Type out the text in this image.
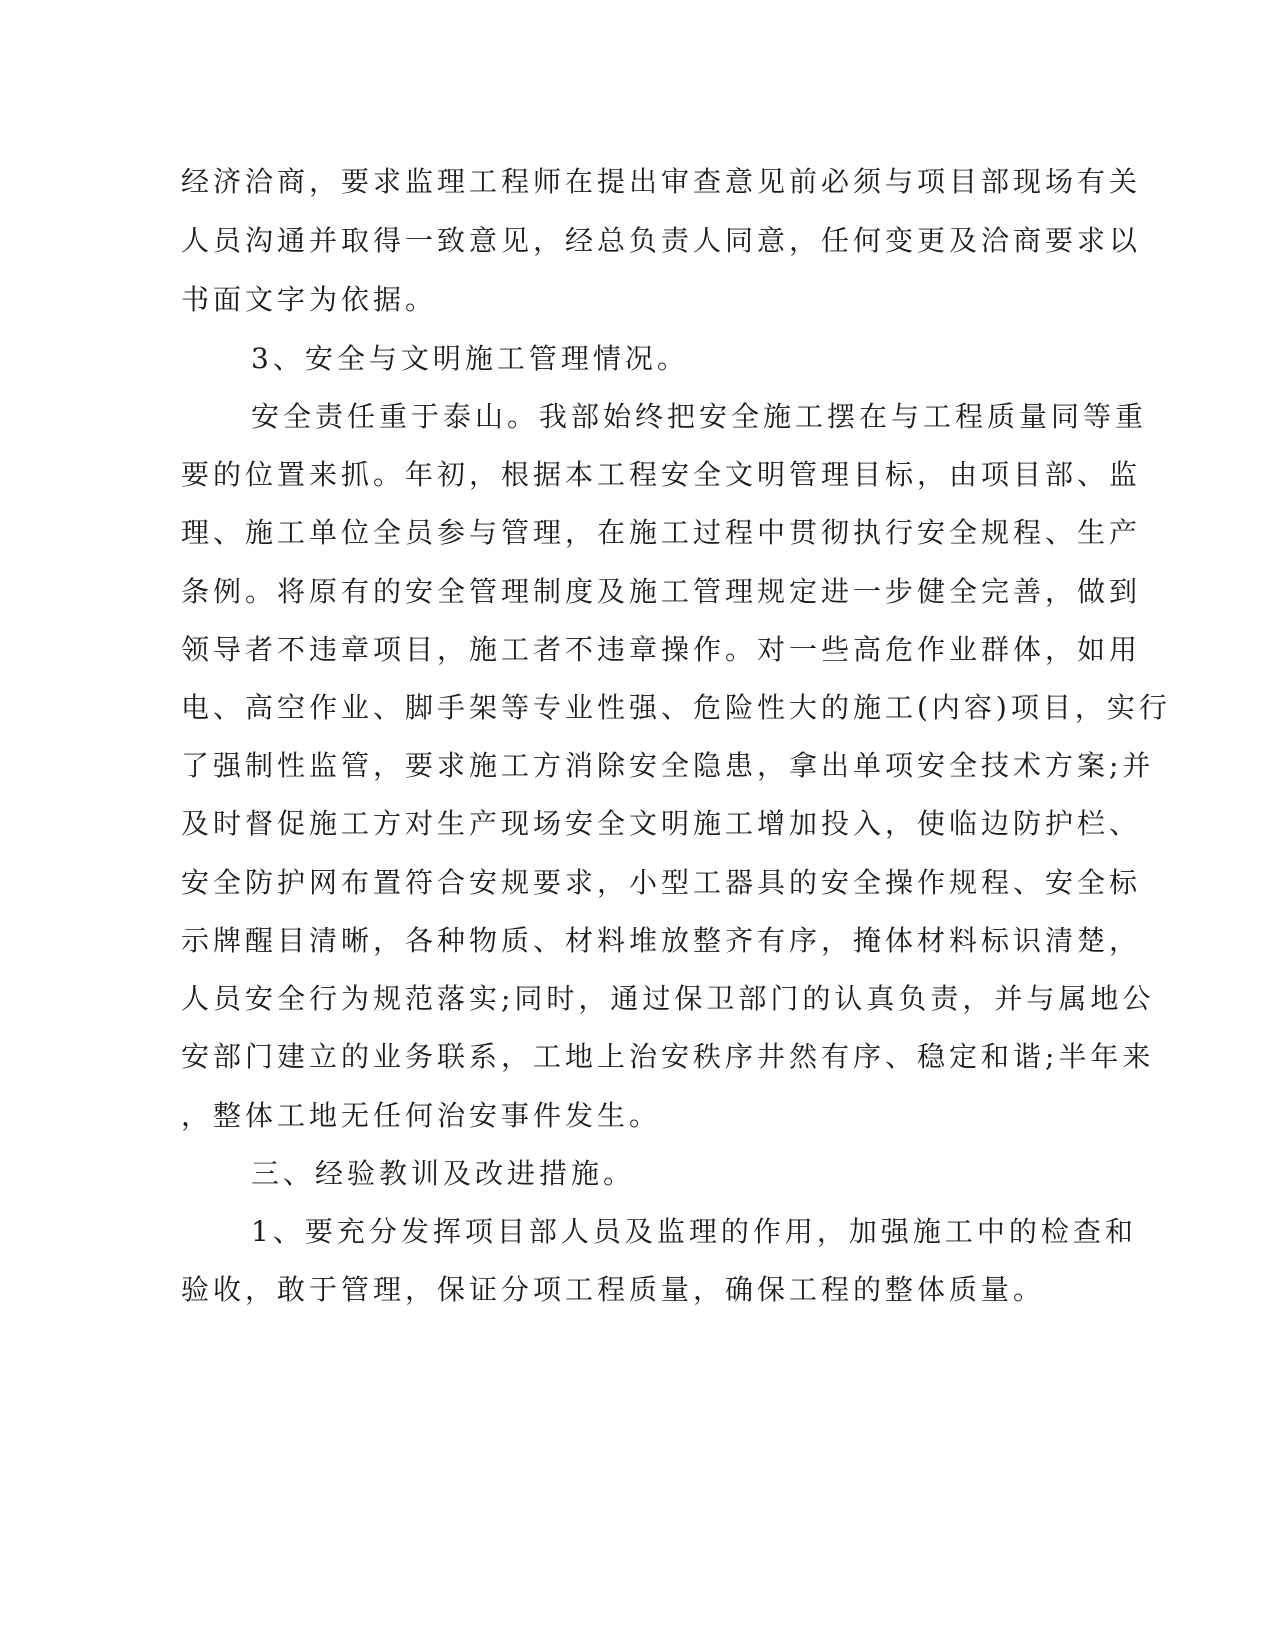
经济洽商，要求监理工程师在提出审查意见前必须与项目部现场有关

人员沟通并取得一致意见，经总负责人同意，任何变更及洽商要求以

书面文字为依据。

3、安全与文明施工管理情况。

安全责任重于泰山。我部始终把安全施工摆在与工程质量同等重

要的位置来抓。年初，根据本工程安全文明管理目标，由项目部、监

理、施工单位全员参与管理，在施工过程中贯彻执行安全规程、生产

条例。将原有的安全管理制度及施工管理规定进一步健全完善，做到

领导者不违章项目，施工者不违章操作。对一些高危作业群体，如用

电、高空作业、脚手架等专业性强、危险性大的施工(内容)项目，实行

了强制性监管，要求施工方消除安全隐患，拿出单项安全技术方案;并

及时督促施工方对生产现场安全文明施工增加投入，使临边防护栏、

安全防护网布置符合安规要求，小型工器具的安全操作规程、安全标

示牌醒目清晰，各种物质、材料堆放整齐有序，掩体材料标识清楚，

人员安全行为规范落实;同时，通过保卫部门的认真负责，并与属地公

安部门建立的业务联系，工地上治安秩序井然有序、稳定和谐;半年来

，整体工地无任何治安事件发生。

三、经验教训及改进措施。

1、要充分发挥项目部人员及监理的作用，加强施工中的检查和

验收，敢于管理，保证分项工程质量，确保工程的整体质量。
